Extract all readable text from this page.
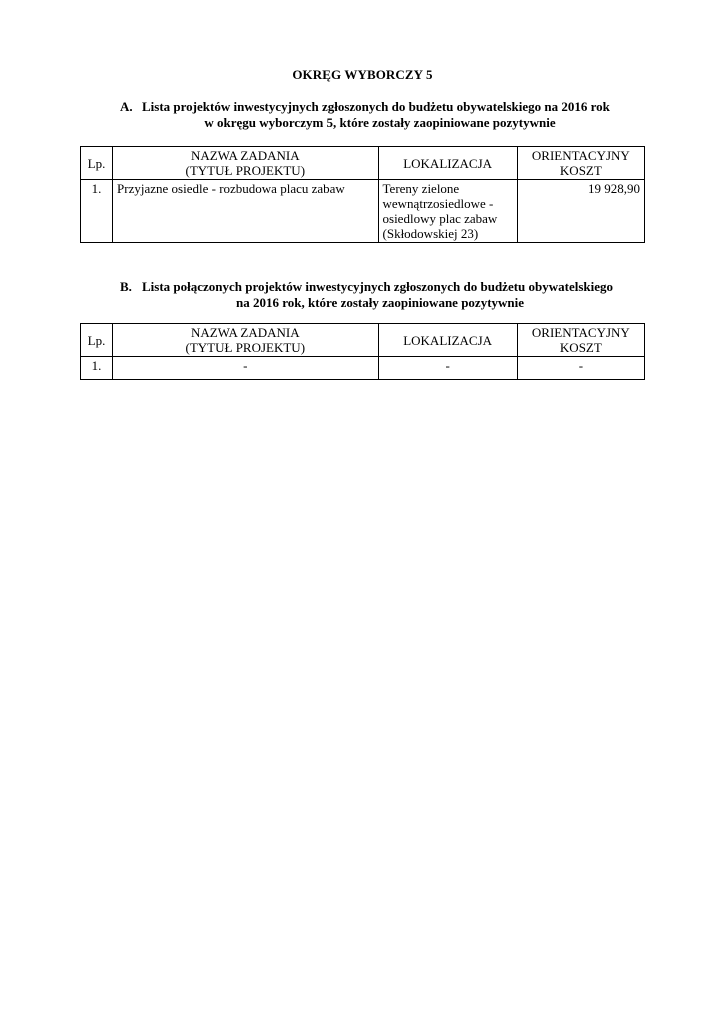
OKRĘG WYBORCZY 5
A. Lista projektów inwestycyjnych zgłoszonych do budżetu obywatelskiego na 2016 rok
w okręgu wyborczym 5, które zostały zaopiniowane pozytywnie
Lp.	NAZWA ZADANIA
(TYTUŁ PROJEKTU)	LOKALIZACJA	ORIENTACYJNY
KOSZT
1.	Przyjazne osiedle - rozbudowa placu zabaw	Tereny zielone
wewnątrzosiedlowe -
osiedlowy plac zabaw
(Skłodowskiej 23)	19 928,90
B. Lista połączonych projektów inwestycyjnych zgłoszonych do budżetu obywatelskiego
na 2016 rok, które zostały zaopiniowane pozytywnie
Lp.	NAZWA ZADANIA
(TYTUŁ PROJEKTU)	LOKALIZACJA	ORIENTACYJNY
KOSZT
1.	-	-	-
